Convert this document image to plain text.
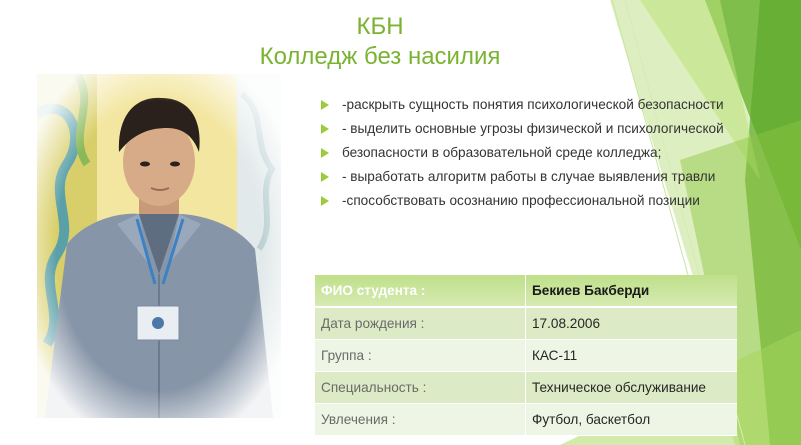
КБН
Колледж без насилия
-раскрыть сущность понятия психологической безопасности
- выделить основные угрозы физической и психологической
безопасности в образовательной среде колледжа;
- выработать алгоритм работы в случае выявления травли
-способствовать осознанию профессиональной позиции
ФИО студента :	Бекиев Бакберди
Дата рождения :	17.08.2006
Группа :	КАС-11
Специальность :	Техническое обслуживание
Увлечения :	Футбол, баскетбол
